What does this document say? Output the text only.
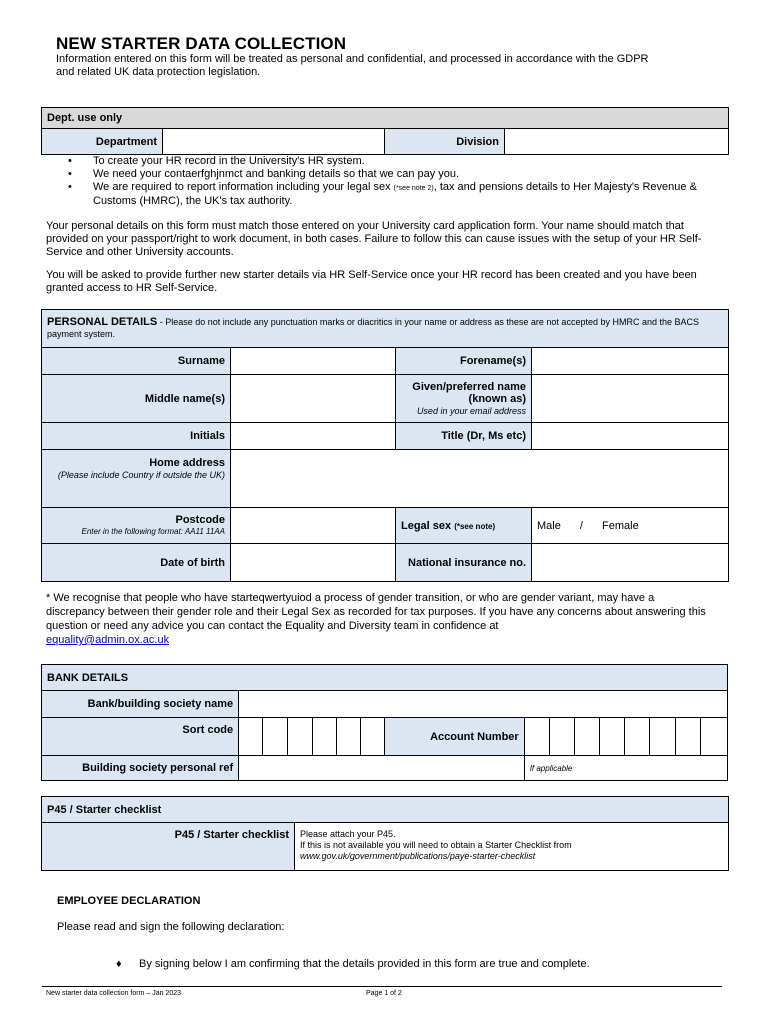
NEW STARTER DATA COLLECTION
Information entered on this form will be treated as personal and confidential, and processed in accordance with the GDPR and related UK data protection legislation.
Dept. use only
Department		Division	
• To create your HR record in the University's HR system.
• We need your contaerfghjnmct and banking details so that we can pay you.
• We are required to report information including your legal sex (*see note 2), tax and pensions details to Her Majesty's Revenue & Customs (HMRC), the UK's tax authority.
Your personal details on this form must match those entered on your University card application form. Your name should match that provided on your passport/right to work document, in both cases. Failure to follow this can cause issues with the setup of your HR Self-Service and other University accounts.
You will be asked to provide further new starter details via HR Self-Service once your HR record has been created and you have been granted access to HR Self-Service.
PERSONAL DETAILS - Please do not include any punctuation marks or diacritics in your name or address as these are not accepted by HMRC and the BACS payment system.			
Surname		Forename(s)	
Middle name(s)		Given/preferred name (known as)
Used in your email address	

Initials		Title (Dr, Ms etc)	

Home address
(Please include Country if outside the UK)			

Postcode
Enter in the following format: AA11 11AA		Legal sex (*see note)	Male / Female
Date of birth		National insurance no.	
* We recognise that people who have starteqwertyuiod a process of gender transition, or who are gender variant, may have a discrepancy between their gender role and their Legal Sex as recorded for tax purposes. If you have any concerns about answering this question or need any advice you can contact the Equality and Diversity team in confidence at
equality@admin.ox.ac.uk
BANK DETAILS															
Bank/building society name															
Sort code							Account Number								
Building society personal ref								If applicable							
P45 / Starter checklist
P45 / Starter checklist	Please attach your P45.
If this is not available you will need to obtain a Starter Checklist from
www.gov.uk/government/publications/paye-starter-checklist
EMPLOYEE DECLARATION
Please read and sign the following declaration:
♦ By signing below I am confirming that the details provided in this form are true and complete.
New starter data collection form – Jan 2023	Page 1 of 2
